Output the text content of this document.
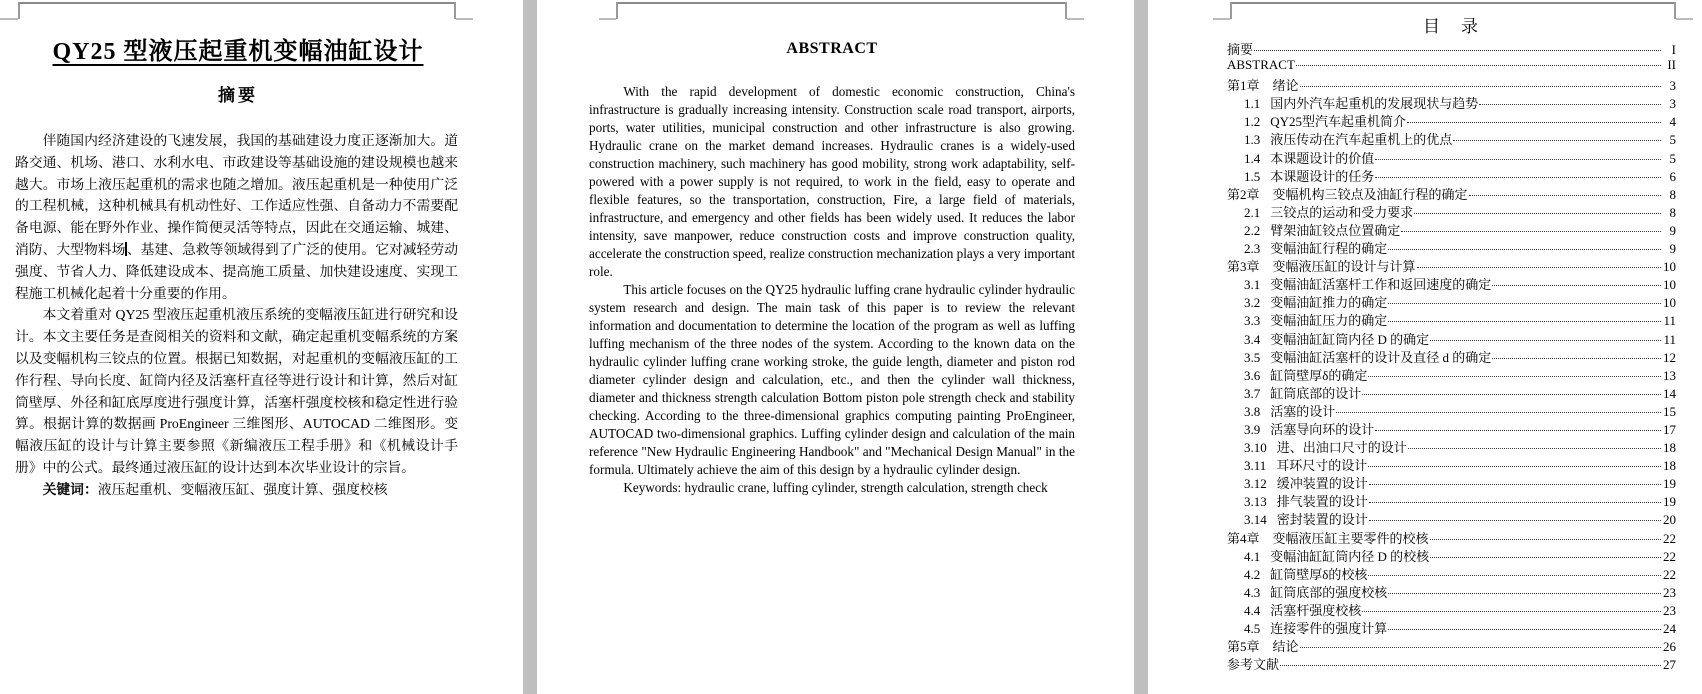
QY25 型液压起重机变幅油缸设计
摘要

伴随国内经济建设的飞速发展，我国的基础建设力度正逐渐加大。道路交通、机场、港口、水利水电、市政建设等基础设施的建设规模也越来越大。市场上液压起重机的需求也随之增加。液压起重机是一种使用广泛的工程机械，这种机械具有机动性好、工作适应性强、自备动力不需要配备电源、能在野外作业、操作简便灵活等特点，因此在交通运输、城建、消防、大型物料场 、基建、急救等领域得到了广泛的使用。它对减轻劳动强度、节省人力、降低建设成本、提高施工质量、加快建设速度、实现工程施工机械化起着十分重要的作用。

本文着重对 QY25 型液压起重机液压系统的变幅液压缸进行研究和设计。本文主要任务是查阅相关的资料和文献，确定起重机变幅系统的方案以及变幅机构三铰点的位置。根据已知数据，对起重机的变幅液压缸的工作行程、导向长度、缸筒内径及活塞杆直径等进行设计和计算，然后对缸筒壁厚、外径和缸底厚度进行强度计算，活塞杆强度校核和稳定性进行验算。根据计算的数据画 ProEngineer 三维图形、AUTOCAD 二维图形。变幅液压缸的设计与计算主要参照《新编液压工程手册》和《机械设计手册》中的公式。最终通过液压缸的设计达到本次毕业设计的宗旨。

关键词：液压起重机、变幅液压缸、强度计算、强度校核

ABSTRACT

With the rapid development of domestic economic construction, China's infrastructure is gradually increasing intensity. Construction scale road transport, airports, ports, water utilities, municipal construction and other infrastructure is also growing. Hydraulic crane on the market demand increases. Hydraulic cranes is a widely-used construction machinery, such machinery has good mobility, strong work adaptability, self-powered with a power supply is not required, to work in the field, easy to operate and flexible features, so the transportation, construction, Fire, a large field of materials, infrastructure, and emergency and other fields has been widely used. It reduces the labor intensity, save manpower, reduce construction costs and improve construction quality, accelerate the construction speed, realize construction mechanization plays a very important role.

This article focuses on the QY25 hydraulic luffing crane hydraulic cylinder hydraulic system research and design. The main task of this paper is to review the relevant information and documentation to determine the location of the program as well as luffing luffing mechanism of the three nodes of the system. According to the known data on the hydraulic cylinder luffing crane working stroke, the guide length, diameter and piston rod diameter cylinder design and calculation, etc., and then the cylinder wall thickness, diameter and thickness strength calculation Bottom piston pole strength check and stability checking. According to the three-dimensional graphics computing painting ProEngineer, AUTOCAD two-dimensional graphics. Luffing cylinder design and calculation of the main reference "New Hydraulic Engineering Handbook" and "Mechanical Design Manual" in the formula. Ultimately achieve the aim of this design by a hydraulic cylinder design.

Keywords: hydraulic crane, luffing cylinder, strength calculation, strength check

目　录
摘要	I
ABSTRACT	II
第1章 绪论	3
1.1 国内外汽车起重机的发展现状与趋势	3
1.2 QY25型汽车起重机简介	4
1.3 液压传动在汽车起重机上的优点	5
1.4 本课题设计的价值	5
1.5 本课题设计的任务	6
第2章 变幅机构三铰点及油缸行程的确定	8
2.1 三铰点的运动和受力要求	8
2.2 臂架油缸铰点位置确定	9
2.3 变幅油缸行程的确定	9
第3章 变幅液压缸的设计与计算	10
3.1 变幅油缸活塞杆工作和返回速度的确定	10
3.2 变幅油缸推力的确定	10
3.3 变幅油缸压力的确定	11
3.4 变幅油缸缸筒内径 D 的确定	11
3.5 变幅油缸活塞杆的设计及直径 d 的确定	12
3.6 缸筒壁厚δ的确定	13
3.7 缸筒底部的设计	14
3.8 活塞的设计	15
3.9 活塞导向环的设计	17
3.10 进、出油口尺寸的设计	18
3.11 耳环尺寸的设计	18
3.12 缓冲装置的设计	19
3.13 排气装置的设计	19
3.14 密封装置的设计	20
第4章 变幅液压缸主要零件的校核	22
4.1 变幅油缸缸筒内径 D 的校核	22
4.2 缸筒壁厚δ的校核	22
4.3 缸筒底部的强度校核	23
4.4 活塞杆强度校核	23
4.5 连接零件的强度计算	24
第5章 结论	26
参考文献	27
